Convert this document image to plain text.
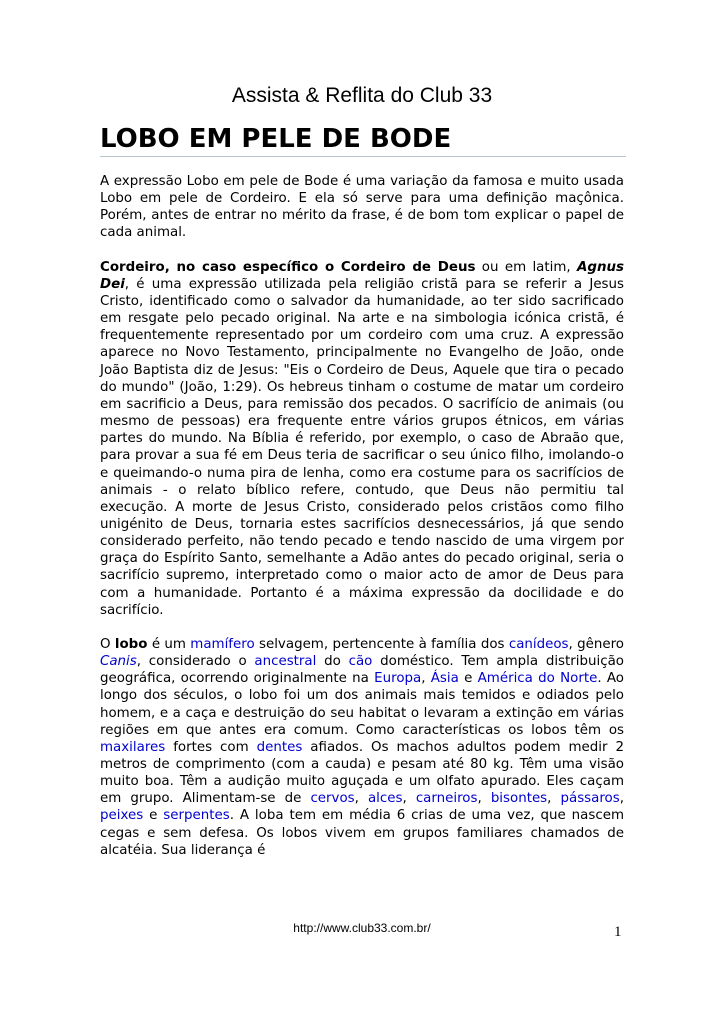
Assista & Reflita do Club 33
LOBO EM PELE DE BODE

A expressão Lobo em pele de Bode é uma variação da famosa e muito usada Lobo em pele de Cordeiro. E ela só serve para uma definição maçônica. Porém, antes de entrar no mérito da frase, é de bom tom explicar o papel de cada animal.

Cordeiro, no caso específico o Cordeiro de Deus ou em latim, Agnus Dei, é uma expressão utilizada pela religião cristã para se referir a Jesus Cristo, identificado como o salvador da humanidade, ao ter sido sacrificado em resgate pelo pecado original. Na arte e na simbologia icónica cristã, é frequentemente representado por um cordeiro com uma cruz. A expressão aparece no Novo Testamento, principalmente no Evangelho de João, onde João Baptista diz de Jesus: "Eis o Cordeiro de Deus, Aquele que tira o pecado do mundo" (João, 1:29). Os hebreus tinham o costume de matar um cordeiro em sacrificio a Deus, para remissão dos pecados. O sacrifício de animais (ou mesmo de pessoas) era frequente entre vários grupos étnicos, em várias partes do mundo. Na Bíblia é referido, por exemplo, o caso de Abraão que, para provar a sua fé em Deus teria de sacrificar o seu único filho, imolando-o e queimando-o numa pira de lenha, como era costume para os sacrifícios de animais - o relato bíblico refere, contudo, que Deus não permitiu tal execução. A morte de Jesus Cristo, considerado pelos cristãos como filho unigénito de Deus, tornaria estes sacrifícios desnecessários, já que sendo considerado perfeito, não tendo pecado e tendo nascido de uma virgem por graça do Espírito Santo, semelhante a Adão antes do pecado original, seria o sacrifício supremo, interpretado como o maior acto de amor de Deus para com a humanidade. Portanto é a máxima expressão da docilidade e do sacrifício.

O lobo é um mamífero selvagem, pertencente à família dos canídeos, gênero Canis, considerado o ancestral do cão doméstico. Tem ampla distribuição geográfica, ocorrendo originalmente na Europa, Ásia e América do Norte. Ao longo dos séculos, o lobo foi um dos animais mais temidos e odiados pelo homem, e a caça e destruição do seu habitat o levaram a extinção em várias regiões em que antes era comum. Como características os lobos têm os maxilares fortes com dentes afiados. Os machos adultos podem medir 2 metros de comprimento (com a cauda) e pesam até 80 kg. Têm uma visão muito boa. Têm a audição muito aguçada e um olfato apurado. Eles caçam em grupo. Alimentam-se de cervos, alces, carneiros, bisontes, pássaros, peixes e serpentes. A loba tem em média 6 crias de uma vez, que nascem cegas e sem defesa. Os lobos vivem em grupos familiares chamados de alcatéia. Sua liderança é

http://www.club33.com.br/	1
